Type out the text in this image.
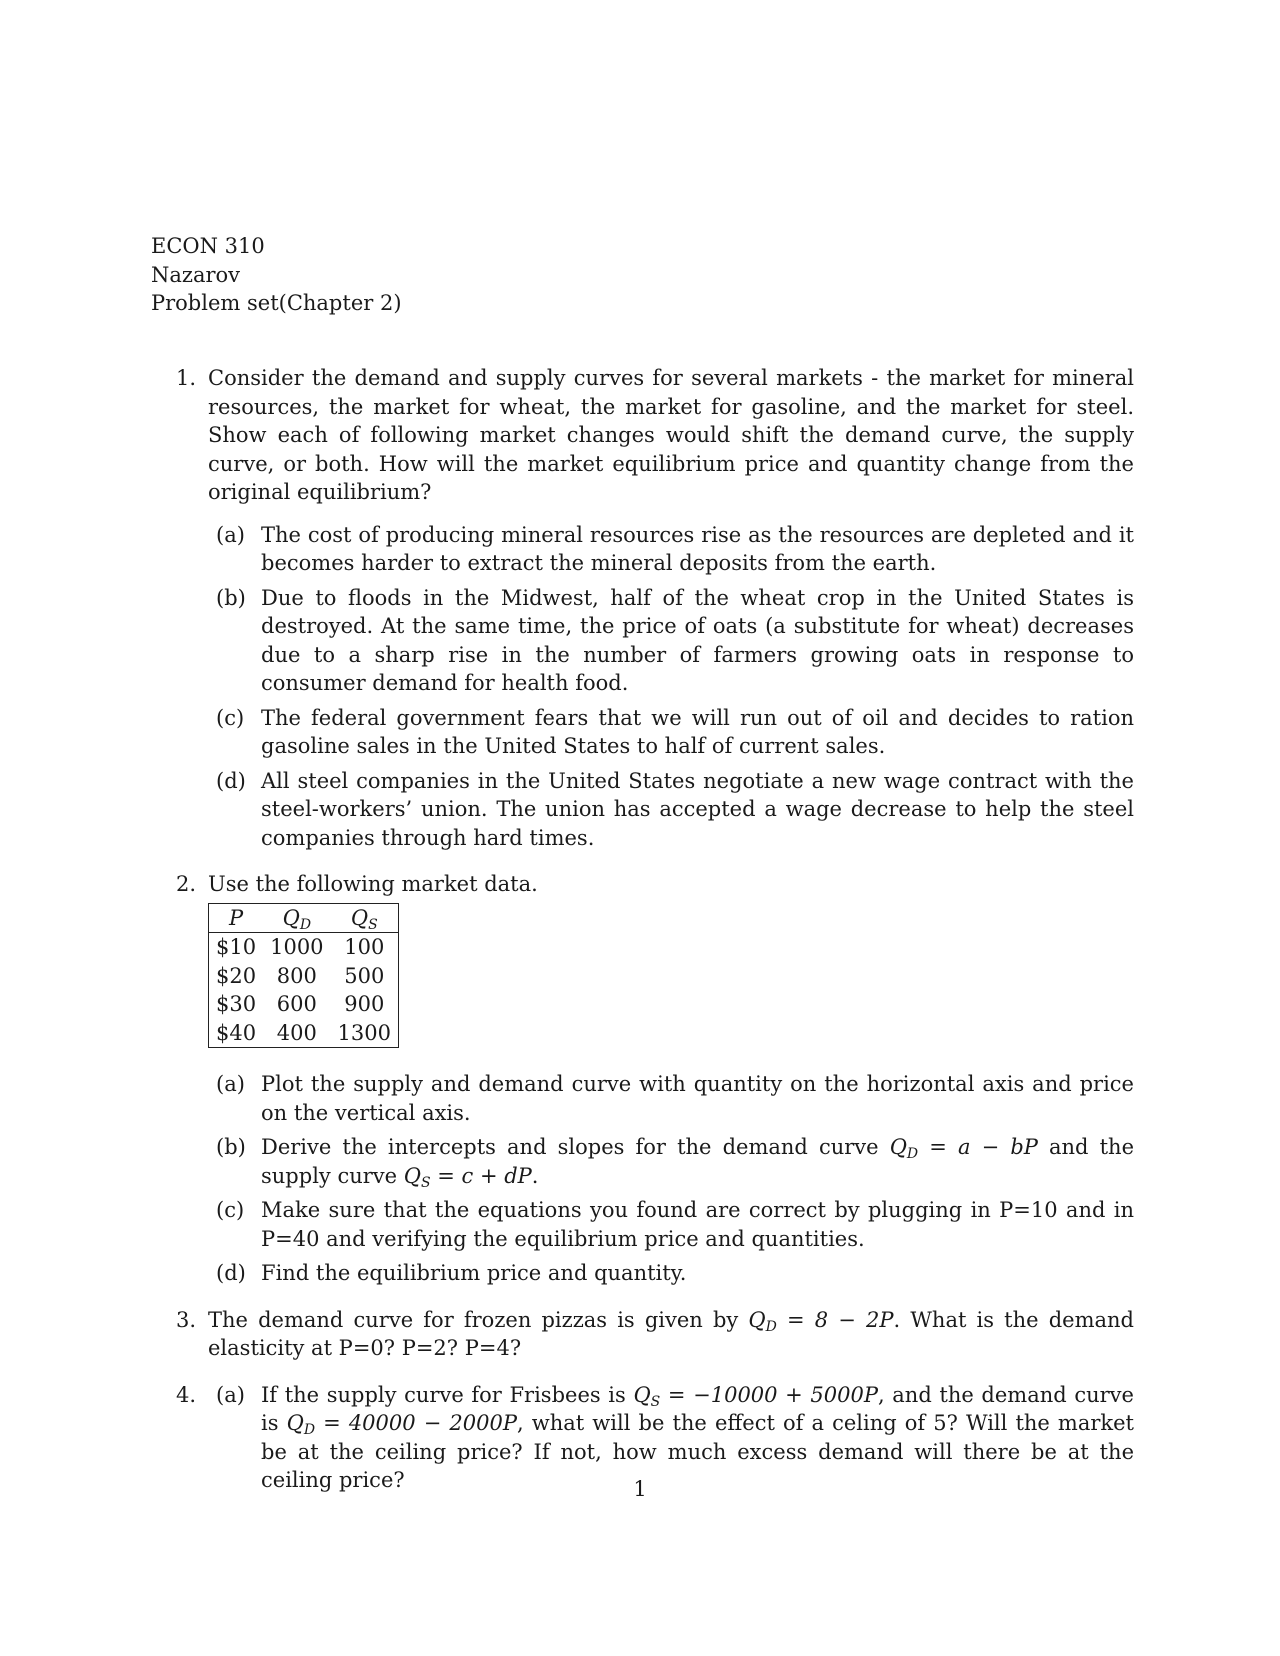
ECON 310
Nazarov
Problem set(Chapter 2)
1. Consider the demand and supply curves for several markets - the market for mineral resources, the market for wheat, the market for gasoline, and the market for steel. Show each of following market changes would shift the demand curve, the supply curve, or both. How will the market equilibrium price and quantity change from the original equilibrium?
(a) The cost of producing mineral resources rise as the resources are depleted and it becomes harder to extract the mineral deposits from the earth.
(b) Due to floods in the Midwest, half of the wheat crop in the United States is destroyed. At the same time, the price of oats (a substitute for wheat) decreases due to a sharp rise in the number of farmers growing oats in response to consumer demand for health food.
(c) The federal government fears that we will run out of oil and decides to ration gasoline sales in the United States to half of current sales.
(d) All steel companies in the United States negotiate a new wage contract with the steel-workers’ union. The union has accepted a wage decrease to help the steel companies through hard times.
2. Use the following market data.
P	$Q_D$	$Q_S$
$10	1000	100
$20	800	500
$30	600	900
$40	400	1300
(a) Plot the supply and demand curve with quantity on the horizontal axis and price on the vertical axis.
(b) Derive the intercepts and slopes for the demand curve $Q_D = a$ − bP and the supply curve $Q_S = c$ + dP.
(c) Make sure that the equations you found are correct by plugging in P=10 and in P=40 and verifying the equilibrium price and quantities.
(d) Find the equilibrium price and quantity.
3. The demand curve for frozen pizzas is given by $Q_D = 8 - 2P$. What is the demand elasticity at P=0? P=2? P=4?
4. (a) If the supply curve for Frisbees is $Q_S = -10000 + 5000P$, and the demand curve is $Q_D = 40000 - 2000P$, what will be the effect of a celing of 5? Will the market be at the ceiling price? If not, how much excess demand will there be at the ceiling price?	1
